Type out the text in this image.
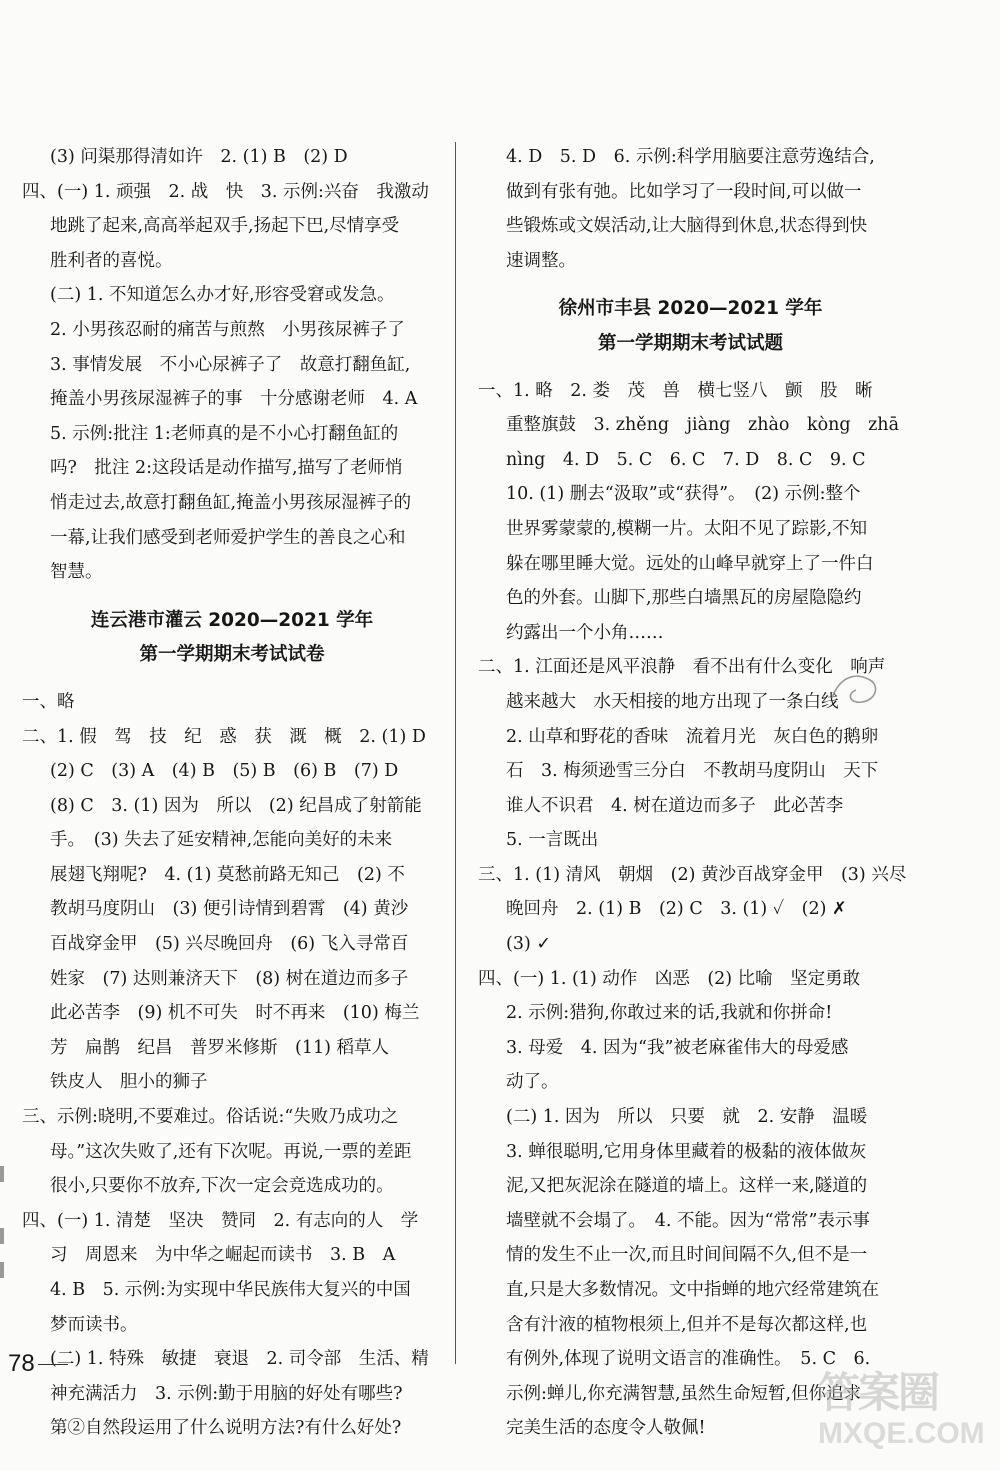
(3) 问渠那得清如许　2. (1) B　(2) D
四、(一) 1. 顽强　2. 战　快　3. 示例:兴奋　我激动
地跳了起来,高高举起双手,扬起下巴,尽情享受
胜利者的喜悦。
(二) 1. 不知道怎么办才好,形容受窘或发急。
2. 小男孩忍耐的痛苦与煎熬　小男孩尿裤子了
3. 事情发展　不小心尿裤子了　故意打翻鱼缸,
掩盖小男孩尿湿裤子的事　十分感谢老师　4. A
5. 示例:批注 1:老师真的是不小心打翻鱼缸的
吗?　批注 2:这段话是动作描写,描写了老师悄
悄走过去,故意打翻鱼缸,掩盖小男孩尿湿裤子的
一幕,让我们感受到老师爱护学生的善良之心和
智慧。
连云港市灌云 2020—2021 学年
第一学期期末考试试卷
一、略
二、1. 假　驾　技　纪　惑　获　溉　概　2. (1) D
(2) C　(3) A　(4) B　(5) B　(6) B　(7) D
(8) C　3. (1) 因为　所以　(2) 纪昌成了射箭能
手。　(3) 失去了延安精神,怎能向美好的未来
展翅飞翔呢?　4. (1) 莫愁前路无知己　(2) 不
教胡马度阴山　(3) 便引诗情到碧霄　(4) 黄沙
百战穿金甲　(5) 兴尽晚回舟　(6) 飞入寻常百
姓家　(7) 达则兼济天下　(8) 树在道边而多子
此必苦李　(9) 机不可失　时不再来　(10) 梅兰
芳　扁鹊　纪昌　普罗米修斯　(11) 稻草人
铁皮人　胆小的狮子
三、示例:晓明,不要难过。俗话说:“失败乃成功之
母。”这次失败了,还有下次呢。再说,一票的差距
很小,只要你不放弃,下次一定会竞选成功的。
四、(一) 1. 清楚　坚决　赞同　2. 有志向的人　学
习　周恩来　为中华之崛起而读书　3. B　A
4. B　5. 示例:为实现中华民族伟大复兴的中国
梦而读书。
(二) 1. 特殊　敏捷　衰退　2. 司令部　生活、精
神充满活力　3. 示例:勤于用脑的好处有哪些?
第②自然段运用了什么说明方法?有什么好处?
4. D　5. D　6. 示例:科学用脑要注意劳逸结合,
做到有张有弛。比如学习了一段时间,可以做一
些锻炼或文娱活动,让大脑得到休息,状态得到快
速调整。
徐州市丰县 2020—2021 学年
第一学期期末考试试题
一、1. 略　2. 娄　茂　兽　横七竖八　颤　股　晰
重整旗鼓　3. zhěng　jiàng　zhào　kòng　zhā
nìng　4. D　5. C　6. C　7. D　8. C　9. C
10. (1) 删去“汲取”或“获得”。　(2) 示例:整个
世界雾蒙蒙的,模糊一片。太阳不见了踪影,不知
躲在哪里睡大觉。远处的山峰早就穿上了一件白
色的外套。山脚下,那些白墙黑瓦的房屋隐隐约
约露出一个小角……
二、1. 江面还是风平浪静　看不出有什么变化　响声
越来越大　水天相接的地方出现了一条白线
2. 山草和野花的香味　流着月光　灰白色的鹅卵
石　3. 梅须逊雪三分白　不教胡马度阴山　天下
谁人不识君　4. 树在道边而多子　此必苦李
5. 一言既出
三、1. (1) 清风　朝烟　(2) 黄沙百战穿金甲　(3) 兴尽
晚回舟　2. (1) B　(2) C　3. (1) ✓　(2) ✗
(3) ✓
四、(一) 1. (1) 动作　凶恶　(2) 比喻　坚定勇敢
2. 示例:猎狗,你敢过来的话,我就和你拼命!
3. 母爱　4. 因为“我”被老麻雀伟大的母爱感
动了。
(二) 1. 因为　所以　只要　就　2. 安静　温暖
3. 蝉很聪明,它用身体里藏着的极黏的液体做灰
泥,又把灰泥涂在隧道的墙上。这样一来,隧道的
墙壁就不会塌了。　4. 不能。因为“常常”表示事
情的发生不止一次,而且时间间隔不久,但不是一
直,只是大多数情况。文中指蝉的地穴经常建筑在
含有汁液的植物根须上,但并不是每次都这样,也
有例外,体现了说明文语言的准确性。　5. C　6.
示例:蝉儿,你充满智慧,虽然生命短暂,但你追求
完美生活的态度令人敬佩!
78
答案圈
MXQE.COM
